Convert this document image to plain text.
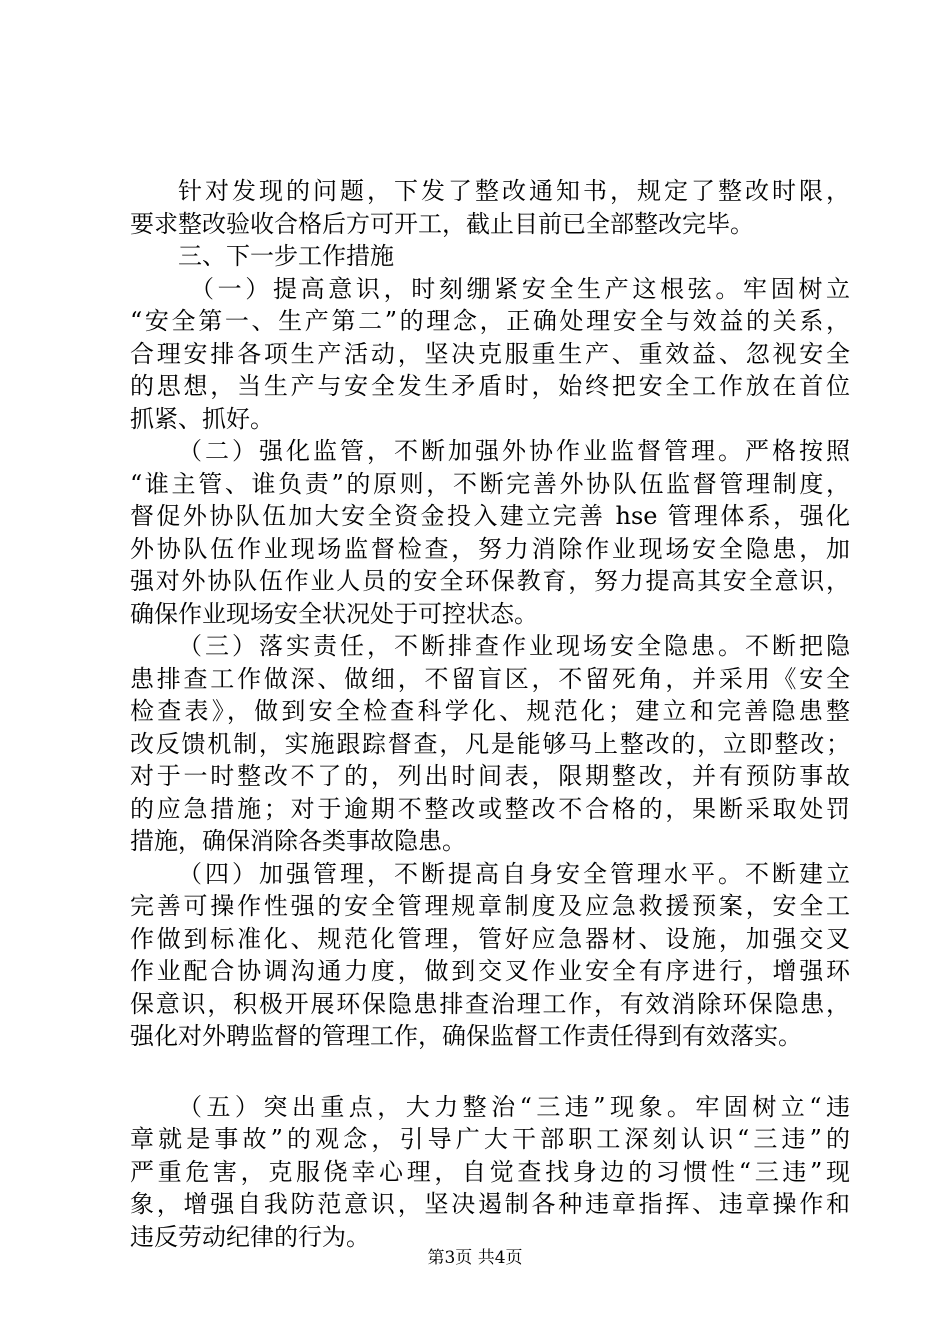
针对发现的问题，下发了整改通知书，规定了整改时限，
要求整改验收合格后方可开工，截止目前已全部整改完毕。
三、下一步工作措施
（一）提高意识，时刻绷紧安全生产这根弦。牢固树立
“安全第一、生产第二”的理念，正确处理安全与效益的关系，
合理安排各项生产活动，坚决克服重生产、重效益、忽视安全
的思想，当生产与安全发生矛盾时，始终把安全工作放在首位
抓紧、抓好。
（二）强化监管，不断加强外协作业监督管理。严格按照
“谁主管、谁负责”的原则，不断完善外协队伍监督管理制度，
督促外协队伍加大安全资金投入建立完善 hse 管理体系，强化
外协队伍作业现场监督检查，努力消除作业现场安全隐患，加
强对外协队伍作业人员的安全环保教育，努力提高其安全意识，
确保作业现场安全状况处于可控状态。
（三）落实责任，不断排查作业现场安全隐患。不断把隐
患排查工作做深、做细，不留盲区，不留死角，并采用《安全
检查表》，做到安全检查科学化、规范化；建立和完善隐患整
改反馈机制，实施跟踪督查，凡是能够马上整改的，立即整改；
对于一时整改不了的，列出时间表，限期整改，并有预防事故
的应急措施；对于逾期不整改或整改不合格的，果断采取处罚
措施，确保消除各类事故隐患。
（四）加强管理，不断提高自身安全管理水平。不断建立
完善可操作性强的安全管理规章制度及应急救援预案，安全工
作做到标准化、规范化管理，管好应急器材、设施，加强交叉
作业配合协调沟通力度，做到交叉作业安全有序进行，增强环
保意识，积极开展环保隐患排查治理工作，有效消除环保隐患，
强化对外聘监督的管理工作，确保监督工作责任得到有效落实。
（五）突出重点，大力整治“三违”现象。牢固树立“违
章就是事故”的观念，引导广大干部职工深刻认识“三违”的
严重危害，克服侥幸心理，自觉查找身边的习惯性“三违”现
象，增强自我防范意识，坚决遏制各种违章指挥、违章操作和
违反劳动纪律的行为。
第3页 共4页
